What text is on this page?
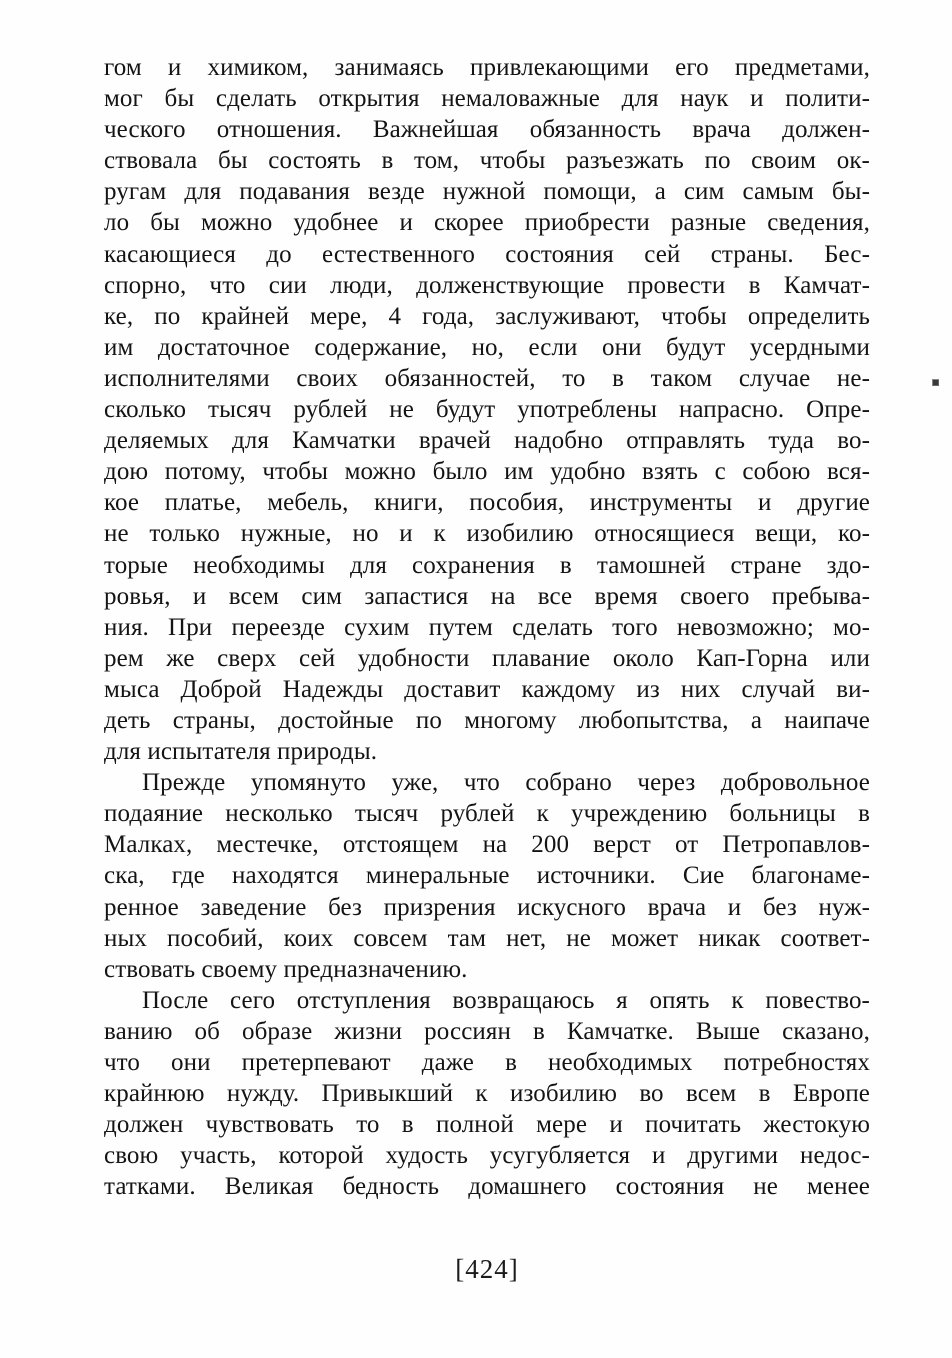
гом и химиком, занимаясь привлекающими его предметами,
мог бы сделать открытия немаловажные для наук и полити-
ческого отношения. Важнейшая обязанность врача должен-
ствовала бы состоять в том, чтобы разъезжать по своим ок-
ругам для подавания везде нужной помощи, а сим самым бы-
ло бы можно удобнее и скорее приобрести разные сведения,
касающиеся до естественного состояния сей страны. Бес-
спорно, что сии люди, долженствующие провести в Камчат-
ке, по крайней мере, 4 года, заслуживают, чтобы определить
им достаточное содержание, но, если они будут усердными
исполнителями своих обязанностей, то в таком случае не-
сколько тысяч рублей не будут употреблены напрасно. Опре-
деляемых для Камчатки врачей надобно отправлять туда во-
дою потому, чтобы можно было им удобно взять с собою вся-
кое платье, мебель, книги, пособия, инструменты и другие
не только нужные, но и к изобилию относящиеся вещи, ко-
торые необходимы для сохранения в тамошней стране здо-
ровья, и всем сим запастися на все время своего пребыва-
ния. При переезде сухим путем сделать того невозможно; мо-
рем же сверх сей удобности плавание около Кап-Горна или
мыса Доброй Надежды доставит каждому из них случай ви-
деть страны, достойные по многому любопытства, а наипаче
для испытателя природы.
Прежде упомянуто уже, что собрано через добровольное
подаяние несколько тысяч рублей к учреждению больницы в
Малках, местечке, отстоящем на 200 верст от Петропавлов-
ска, где находятся минеральные источники. Сие благонаме-
ренное заведение без призрения искусного врача и без нуж-
ных пособий, коих совсем там нет, не может никак соответ-
ствовать своему предназначению.
После сего отступления возвращаюсь я опять к повество-
ванию об образе жизни россиян в Камчатке. Выше сказано,
что они претерпевают даже в необходимых потребностях
крайнюю нужду. Привыкший к изобилию во всем в Европе
должен чувствовать то в полной мере и почитать жестокую
свою участь, которой худость усугубляется и другими недос-
татками. Великая бедность домашнего состояния не менее
[424]
